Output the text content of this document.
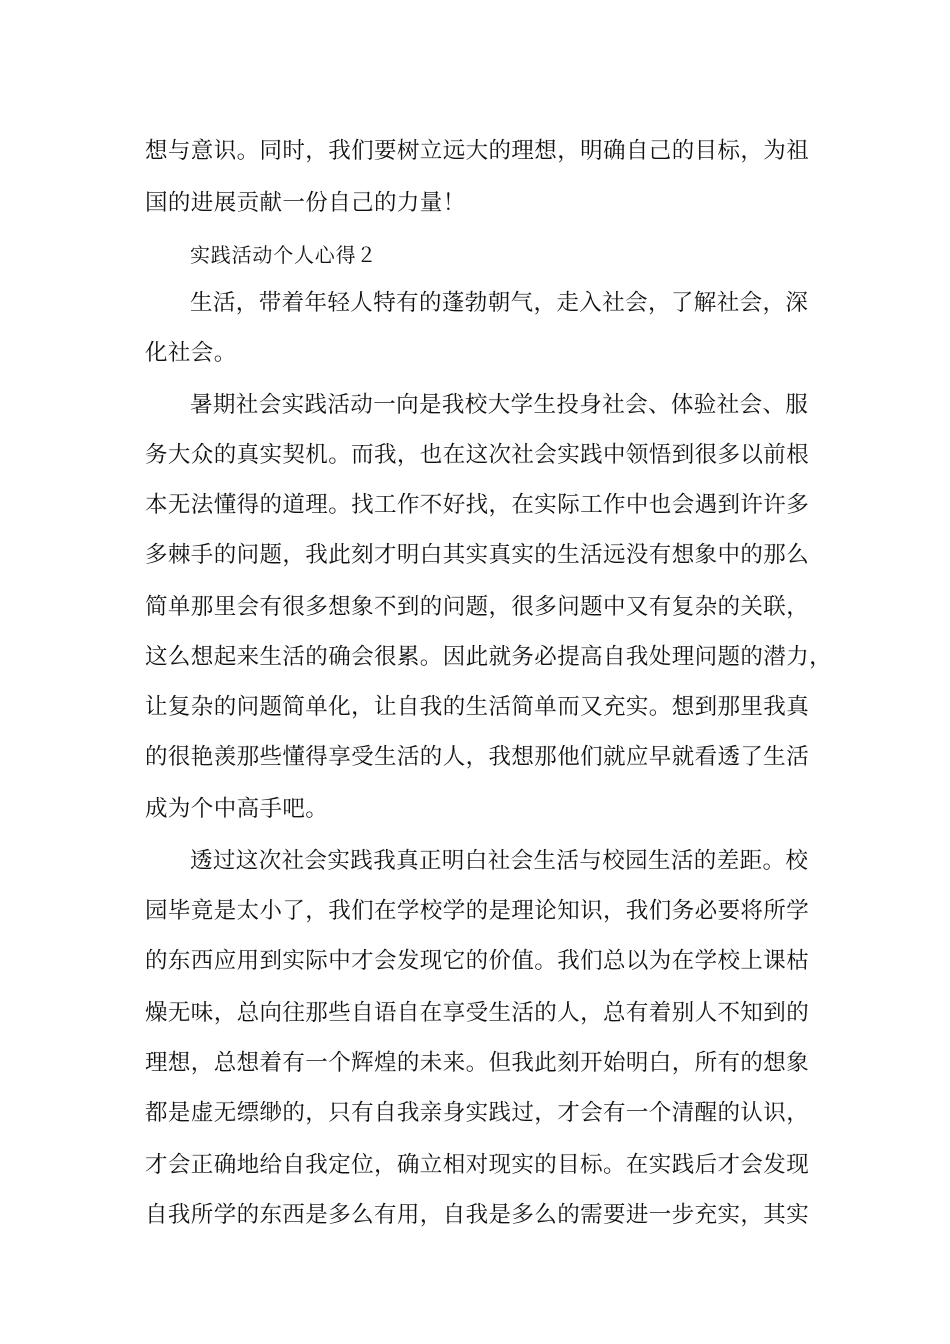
想与意识。同时，我们要树立远大的理想，明确自己的目标，为祖
国的进展贡献一份自己的力量！
实践活动个人心得２
生活，带着年轻人特有的蓬勃朝气，走入社会，了解社会，深
化社会。
暑期社会实践活动一向是我校大学生投身社会、体验社会、服
务大众的真实契机。而我，也在这次社会实践中领悟到很多以前根
本无法懂得的道理。找工作不好找，在实际工作中也会遇到许许多
多棘手的问题，我此刻才明白其实真实的生活远没有想象中的那么
简单那里会有很多想象不到的问题，很多问题中又有复杂的关联，
这么想起来生活的确会很累。因此就务必提高自我处理问题的潜力，
让复杂的问题简单化，让自我的生活简单而又充实。想到那里我真
的很艳羡那些懂得享受生活的人，我想那他们就应早就看透了生活
成为个中高手吧。
透过这次社会实践我真正明白社会生活与校园生活的差距。校
园毕竟是太小了，我们在学校学的是理论知识，我们务必要将所学
的东西应用到实际中才会发现它的价值。我们总以为在学校上课枯
燥无味，总向往那些自语自在享受生活的人，总有着别人不知到的
理想，总想着有一个辉煌的未来。但我此刻开始明白，所有的想象
都是虚无缥缈的，只有自我亲身实践过，才会有一个清醒的认识，
才会正确地给自我定位，确立相对现实的目标。在实践后才会发现
自我所学的东西是多么有用，自我是多么的需要进一步充实，其实
